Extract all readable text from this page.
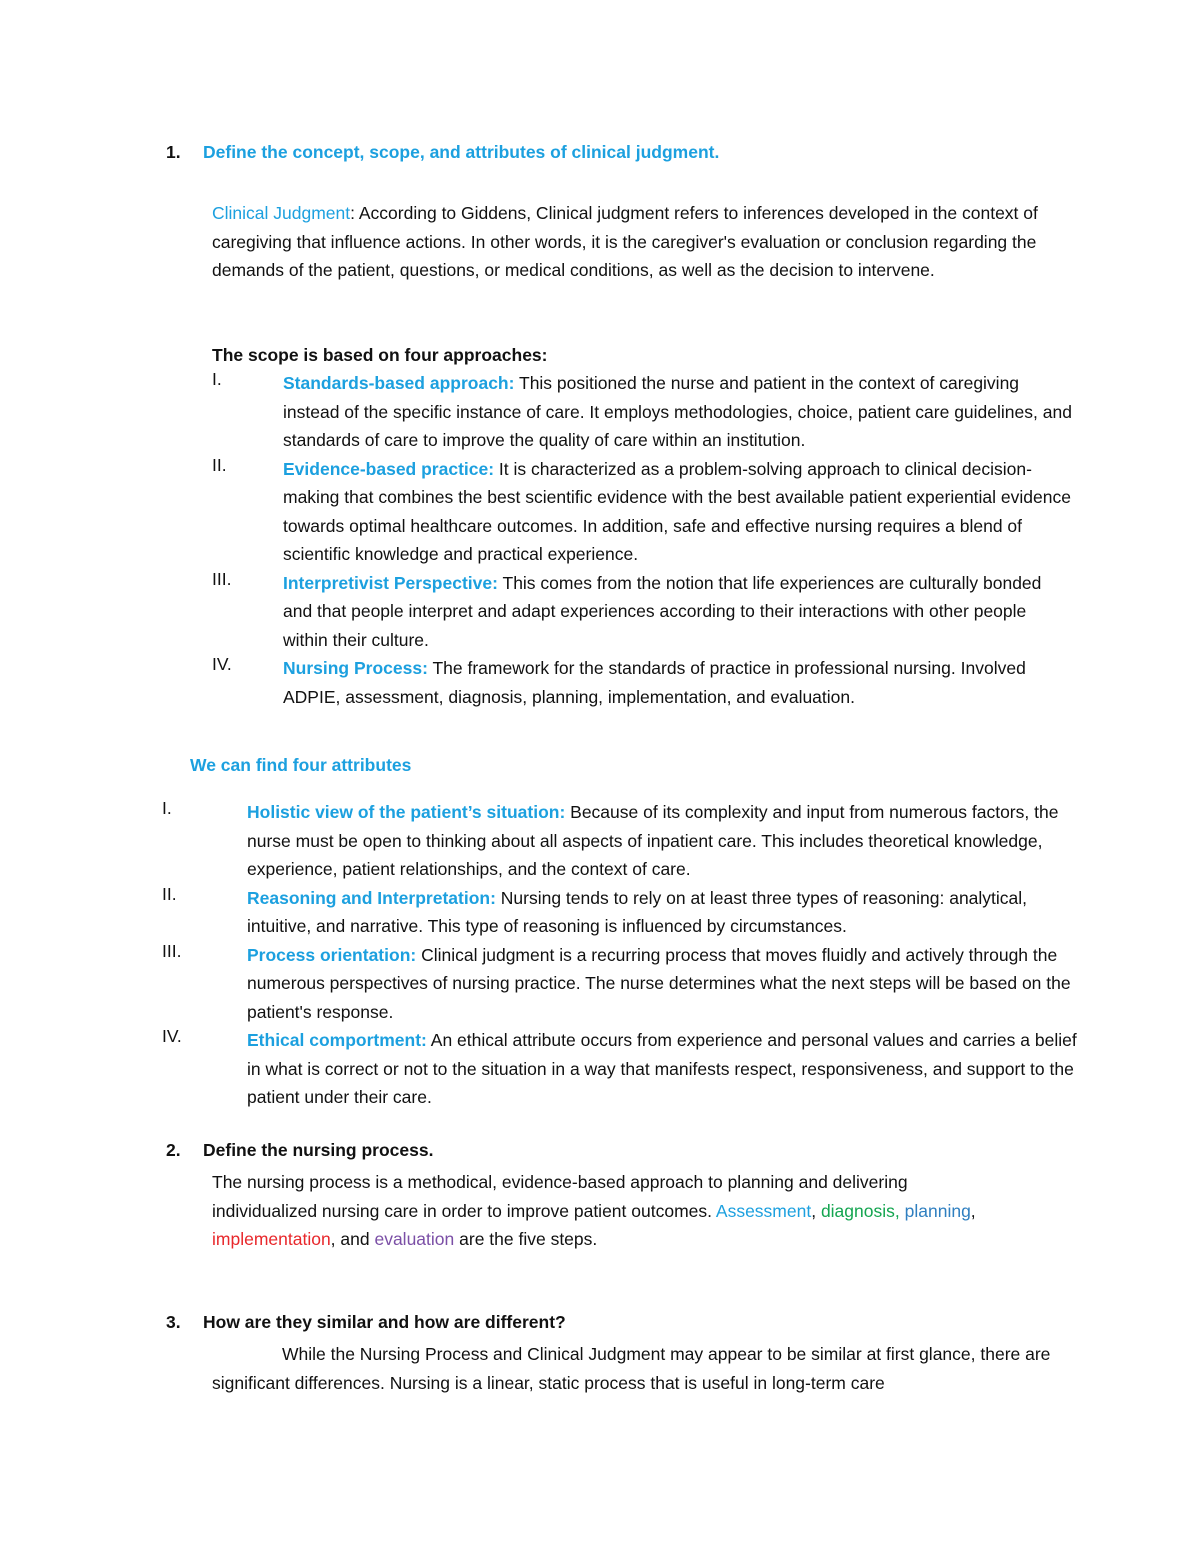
1. Define the concept, scope, and attributes of clinical judgment.

Clinical Judgment: According to Giddens, Clinical judgment refers to inferences developed in the context of caregiving that influence actions. In other words, it is the caregiver's evaluation or conclusion regarding the demands of the patient, questions, or medical conditions, as well as the decision to intervene.

The scope is based on four approaches:

I.	Standards-based approach: This positioned the nurse and patient in the context of caregiving instead of the specific instance of care. It employs methodologies, choice, patient care guidelines, and standards of care to improve the quality of care within an institution.

II.	Evidence-based practice: It is characterized as a problem-solving approach to clinical decision-making that combines the best scientific evidence with the best available patient experiential evidence towards optimal healthcare outcomes. In addition, safe and effective nursing requires a blend of scientific knowledge and practical experience.

III.	Interpretivist Perspective: This comes from the notion that life experiences are culturally bonded and that people interpret and adapt experiences according to their interactions with other people within their culture.

IV.	Nursing Process: The framework for the standards of practice in professional nursing. Involved ADPIE, assessment, diagnosis, planning, implementation, and evaluation.

We can find four attributes
I.	Holistic view of the patient’s situation: Because of its complexity and input from numerous factors, the nurse must be open to thinking about all aspects of inpatient care. This includes theoretical knowledge, experience, patient relationships, and the context of care.

II.	Reasoning and Interpretation: Nursing tends to rely on at least three types of reasoning: analytical, intuitive, and narrative. This type of reasoning is influenced by circumstances.

III.	Process orientation: Clinical judgment is a recurring process that moves fluidly and actively through the numerous perspectives of nursing practice. The nurse determines what the next steps will be based on the patient's response.

IV.	Ethical comportment: An ethical attribute occurs from experience and personal values and carries a belief in what is correct or not to the situation in a way that manifests respect, responsiveness, and support to the patient under their care.

2. Define the nursing process.

The nursing process is a methodical, evidence-based approach to planning and delivering individualized nursing care in order to improve patient outcomes. Assessment, diagnosis, planning, implementation, and evaluation are the five steps.

3. How are they similar and how are different?

While the Nursing Process and Clinical Judgment may appear to be similar at first glance, there are significant differences. Nursing is a linear, static process that is useful in long-term care
